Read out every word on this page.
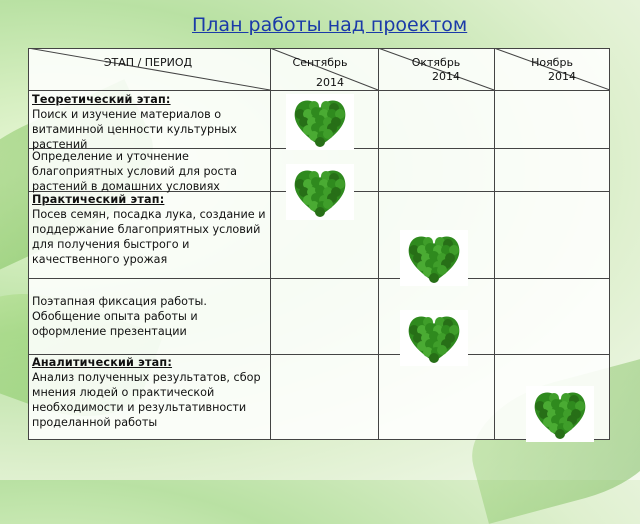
План работы над проектом
ЭТАП / ПЕРИОД	Сентябрь
2014
Октябрь
2014
Ноябрь
2014
Теоретический этап:
Поиск и изучение материалов о витаминной ценности культурных растений
Определение и уточнение благоприятных условий для роста растений в домашних условиях
Практический этап:
Посев семян, посадка лука, создание и поддержание благоприятных условий для получения быстрого и качественного урожая
Поэтапная фиксация работы. Обобщение опыта работы и оформление презентации
Аналитический этап:
Анализ полученных результатов, сбор мнения людей о практической необходимости и результативности проделанной работы
